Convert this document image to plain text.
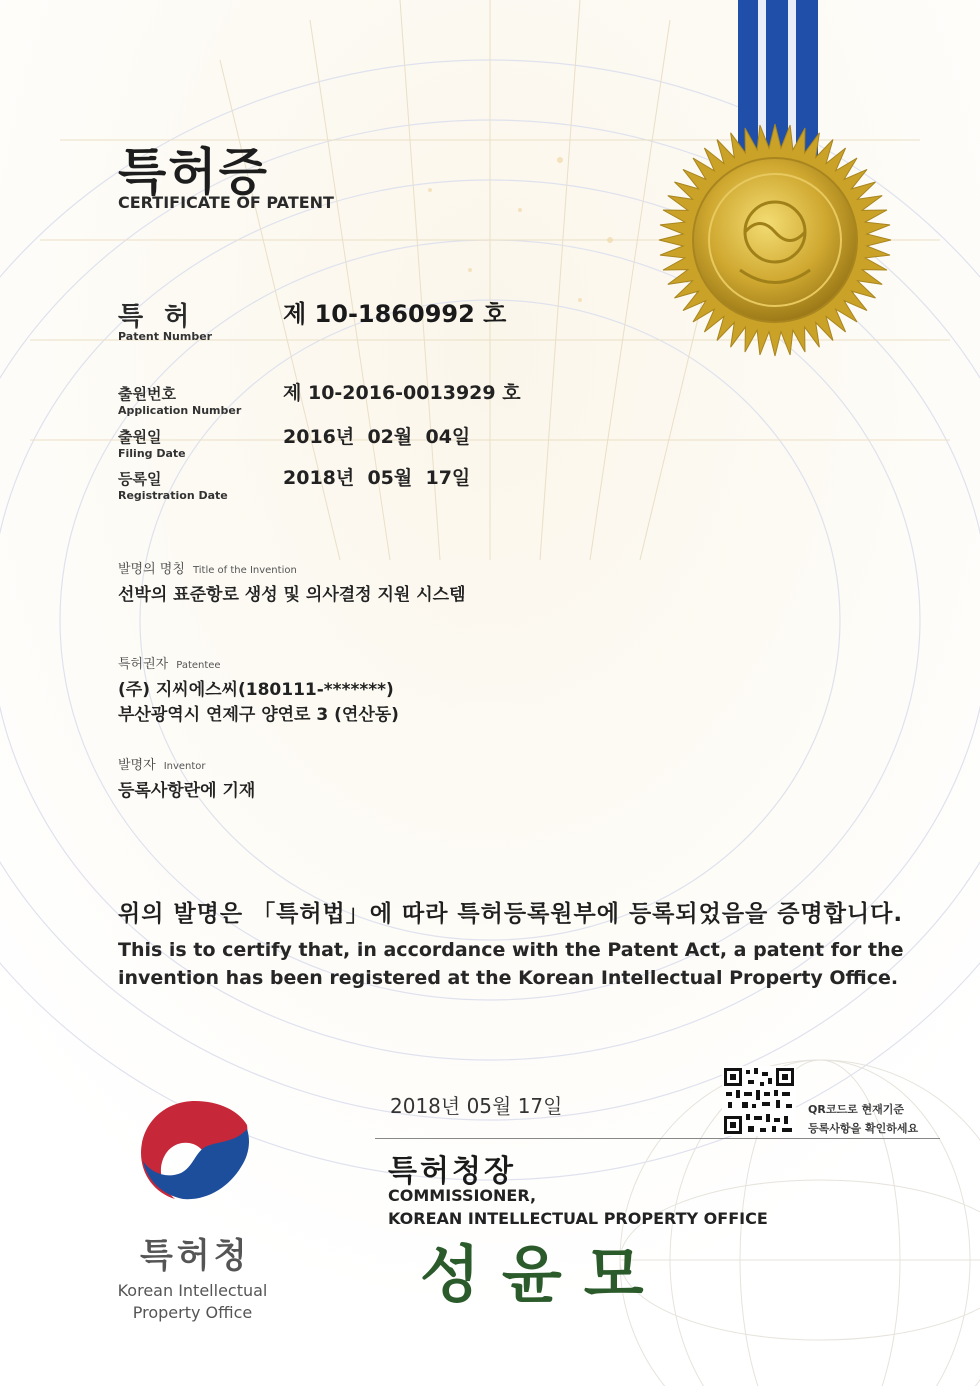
특허증
CERTIFICATE OF PATENT
특 허
Patent Number
제 10-1860992 호
출원번호
Application Number
제 10-2016-0013929 호
출원일
Filing Date
2016년  02월  04일
등록일
Registration Date
2018년  05월  17일
발명의 명칭 Title of the Invention
선박의 표준항로 생성 및 의사결정 지원 시스템
특허권자 Patentee
(주) 지씨에스씨(180111-*******)
부산광역시 연제구 양연로 3 (연산동)
발명자 Inventor
등록사항란에 기재
위의 발명은 「특허법」에 따라 특허등록원부에 등록되었음을 증명합니다.
This is to certify that, in accordance with the Patent Act, a patent for the invention has been registered at the Korean Intellectual Property Office.
QR코드로 현재기준
등록사항을 확인하세요
2018년 05월 17일
특허청장
COMMISSIONER,
KOREAN INTELLECTUAL PROPERTY OFFICE
성윤모
특허청
Korean Intellectual
Property Office
